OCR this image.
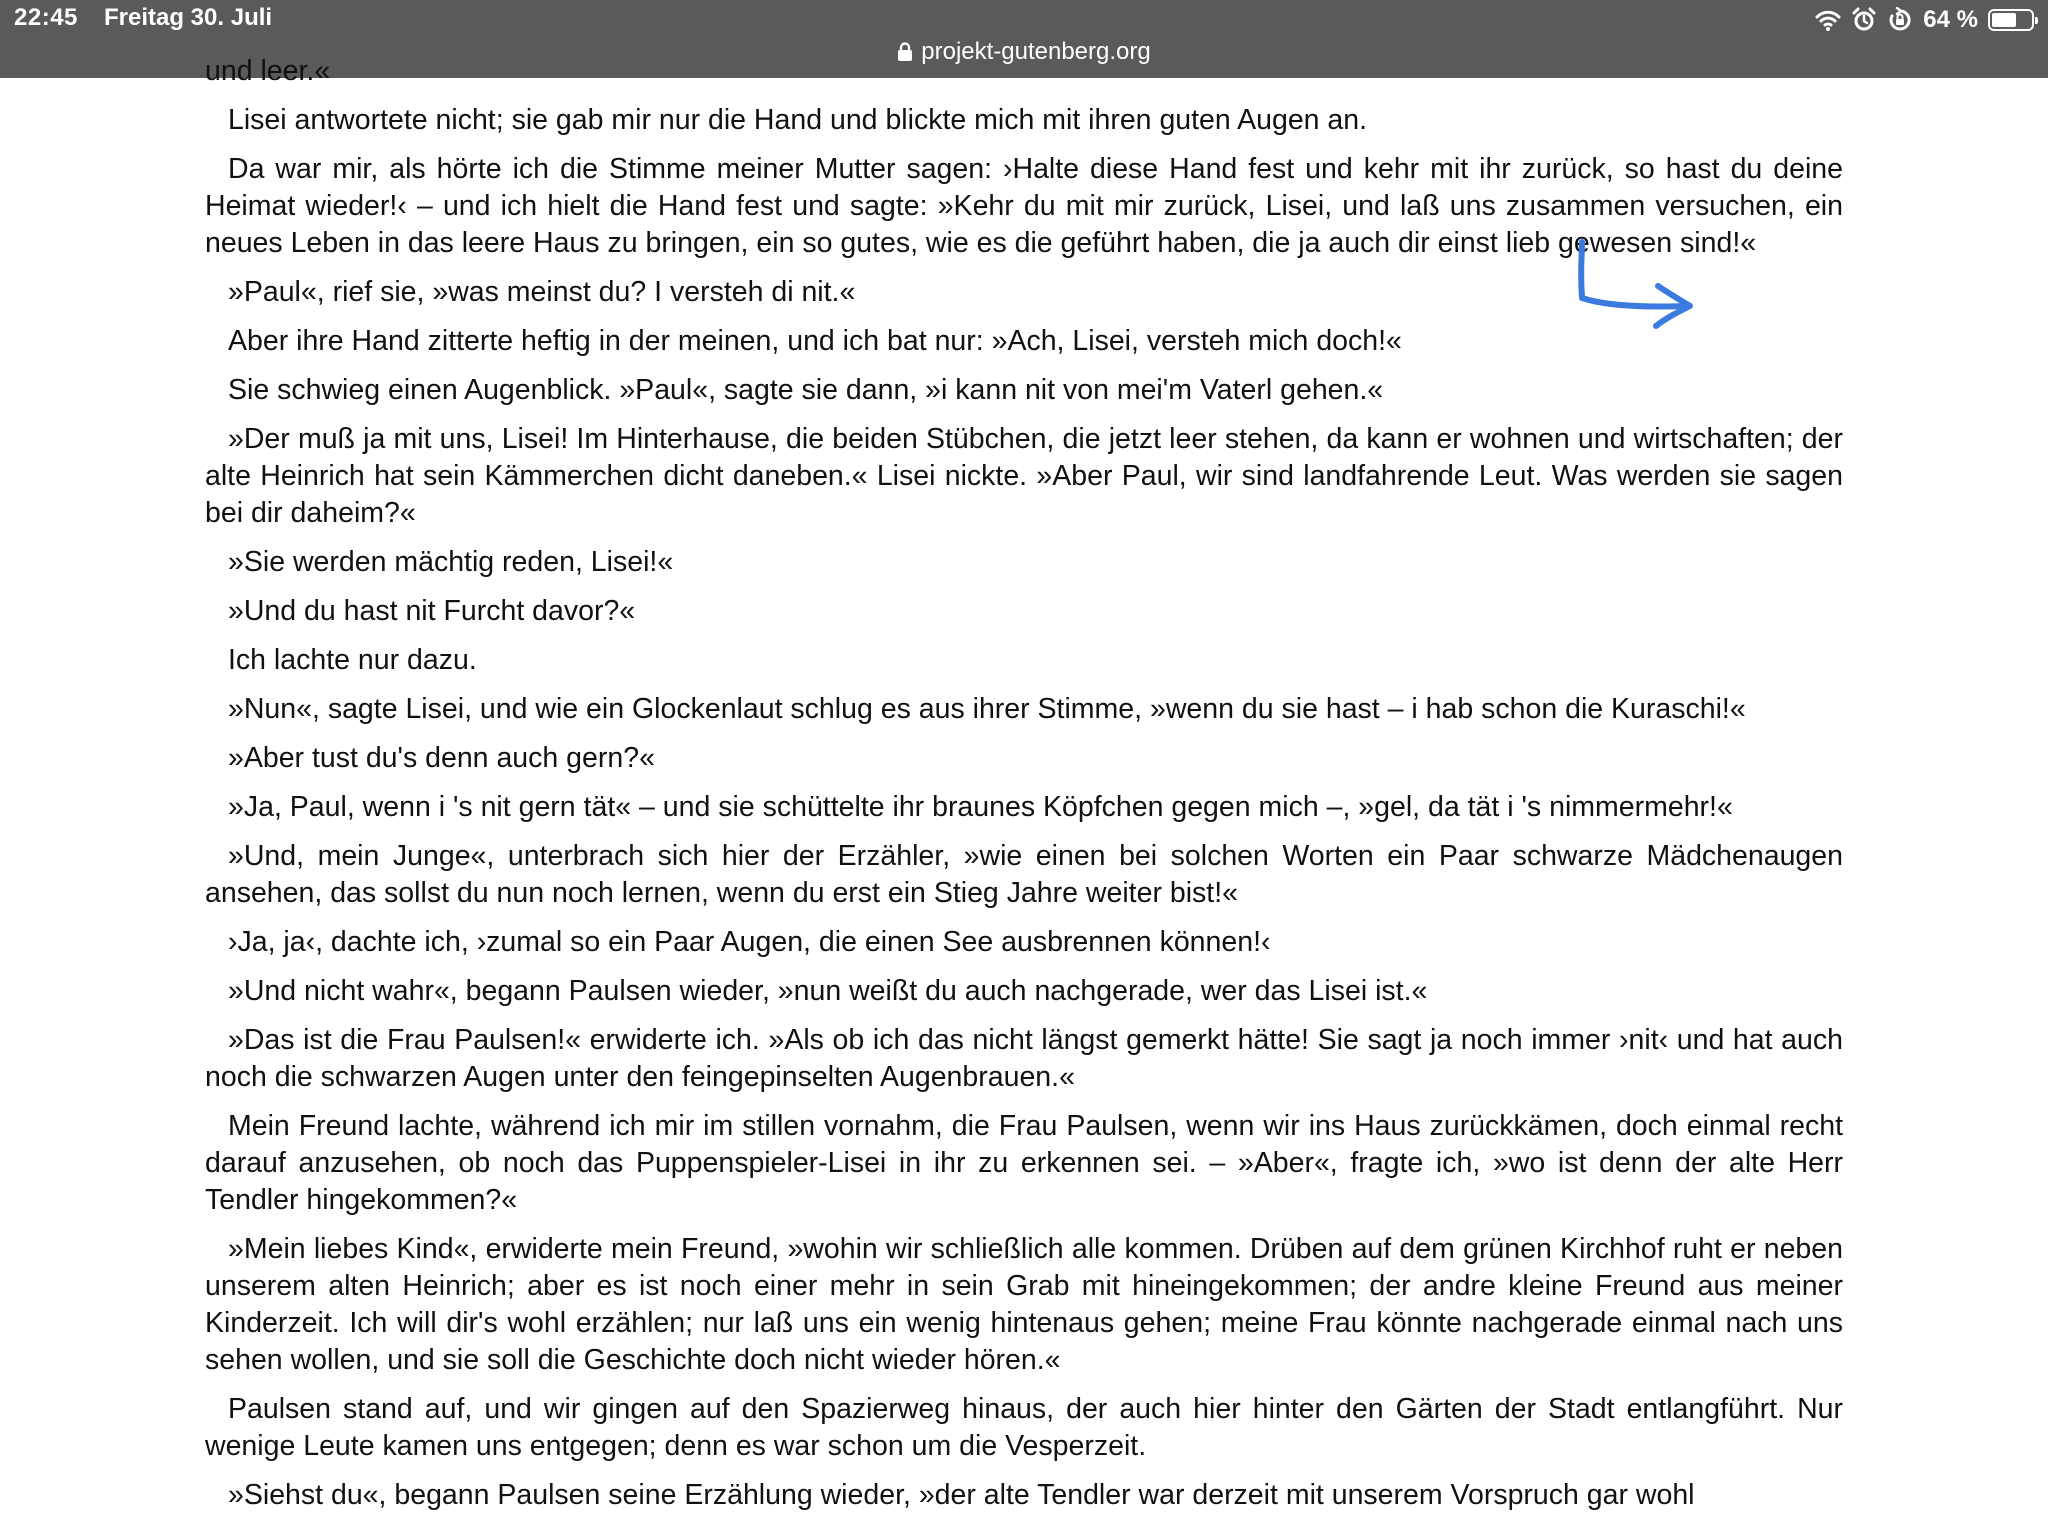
22:45 Freitag 30. Juli	64 %
projekt-gutenberg.org

und leer.«

Lisei antwortete nicht; sie gab mir nur die Hand und blickte mich mit ihren guten Augen an.

Da war mir, als hörte ich die Stimme meiner Mutter sagen: ›Halte diese Hand fest und kehr mit ihr zurück, so hast du deine Heimat wieder!‹ – und ich hielt die Hand fest und sagte: »Kehr du mit mir zurück, Lisei, und laß uns zusammen versuchen, ein neues Leben in das leere Haus zu bringen, ein so gutes, wie es die geführt haben, die ja auch dir einst lieb gewesen sind!«

»Paul«, rief sie, »was meinst du? I versteh di nit.«

Aber ihre Hand zitterte heftig in der meinen, und ich bat nur: »Ach, Lisei, versteh mich doch!«

Sie schwieg einen Augenblick. »Paul«, sagte sie dann, »i kann nit von mei'm Vaterl gehen.«

»Der muß ja mit uns, Lisei! Im Hinterhause, die beiden Stübchen, die jetzt leer stehen, da kann er wohnen und wirtschaften; der alte Heinrich hat sein Kämmerchen dicht daneben.« Lisei nickte. »Aber Paul, wir sind landfahrende Leut. Was werden sie sagen bei dir daheim?«

»Sie werden mächtig reden, Lisei!«

»Und du hast nit Furcht davor?«

Ich lachte nur dazu.

»Nun«, sagte Lisei, und wie ein Glockenlaut schlug es aus ihrer Stimme, »wenn du sie hast – i hab schon die Kuraschi!«

»Aber tust du's denn auch gern?«

»Ja, Paul, wenn i 's nit gern tät« – und sie schüttelte ihr braunes Köpfchen gegen mich –, »gel, da tät i 's nimmermehr!«

»Und, mein Junge«, unterbrach sich hier der Erzähler, »wie einen bei solchen Worten ein Paar schwarze Mädchenaugen ansehen, das sollst du nun noch lernen, wenn du erst ein Stieg Jahre weiter bist!«

›Ja, ja‹, dachte ich, ›zumal so ein Paar Augen, die einen See ausbrennen können!‹

»Und nicht wahr«, begann Paulsen wieder, »nun weißt du auch nachgerade, wer das Lisei ist.«

»Das ist die Frau Paulsen!« erwiderte ich. »Als ob ich das nicht längst gemerkt hätte! Sie sagt ja noch immer ›nit‹ und hat auch noch die schwarzen Augen unter den feingepinselten Augenbrauen.«

Mein Freund lachte, während ich mir im stillen vornahm, die Frau Paulsen, wenn wir ins Haus zurückkämen, doch einmal recht darauf anzusehen, ob noch das Puppenspieler-Lisei in ihr zu erkennen sei. – »Aber«, fragte ich, »wo ist denn der alte Herr Tendler hingekommen?«

»Mein liebes Kind«, erwiderte mein Freund, »wohin wir schließlich alle kommen. Drüben auf dem grünen Kirchhof ruht er neben unserem alten Heinrich; aber es ist noch einer mehr in sein Grab mit hineingekommen; der andre kleine Freund aus meiner Kinderzeit. Ich will dir's wohl erzählen; nur laß uns ein wenig hintenaus gehen; meine Frau könnte nachgerade einmal nach uns sehen wollen, und sie soll die Geschichte doch nicht wieder hören.«

Paulsen stand auf, und wir gingen auf den Spazierweg hinaus, der auch hier hinter den Gärten der Stadt entlangführt. Nur wenige Leute kamen uns entgegen; denn es war schon um die Vesperzeit.

»Siehst du«, begann Paulsen seine Erzählung wieder, »der alte Tendler war derzeit mit unserem Vorspruch gar wohl
